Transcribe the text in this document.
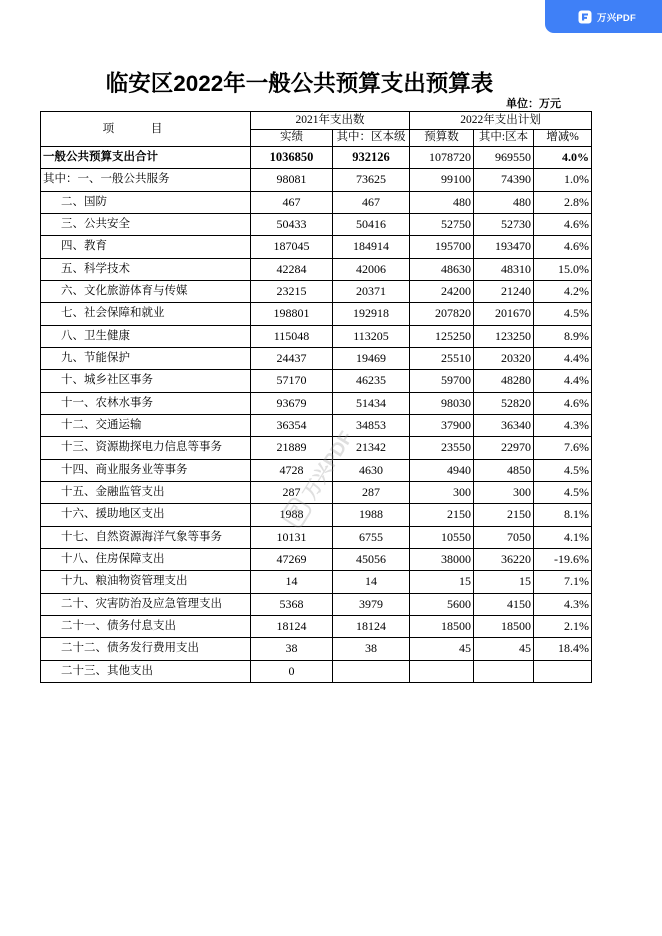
万兴PDF
临安区2022年一般公共预算支出预算表
单位：万元
项 目	2021年支出数		2022年支出计划		
	实绩	其中：区本级	预算数	其中:区本	增减%
一般公共预算支出合计	1036850	932126	1078720	969550	4.0%
其中：一、一般公共服务	98081	73625	99100	74390	1.0%
二、国防	467	467	480	480	2.8%
三、公共安全	50433	50416	52750	52730	4.6%
四、教育	187045	184914	195700	193470	4.6%
五、科学技术	42284	42006	48630	48310	15.0%
六、文化旅游体育与传媒	23215	20371	24200	21240	4.2%
七、社会保障和就业	198801	192918	207820	201670	4.5%
八、卫生健康	115048	113205	125250	123250	8.9%
九、节能保护	24437	19469	25510	20320	4.4%
十、城乡社区事务	57170	46235	59700	48280	4.4%
十一、农林水事务	93679	51434	98030	52820	4.6%
十二、交通运输	36354	34853	37900	36340	4.3%
十三、资源勘探电力信息等事务	21889	21342	23550	22970	7.6%
十四、商业服务业等事务	4728	4630	4940	4850	4.5%
十五、金融监管支出	287	287	300	300	4.5%
十六、援助地区支出	1988	1988	2150	2150	8.1%
十七、自然资源海洋气象等事务	10131	6755	10550	7050	4.1%
十八、住房保障支出	47269	45056	38000	36220	-19.6%
十九、粮油物资管理支出	14	14	15	15	7.1%
二十、灾害防治及应急管理支出	5368	3979	5600	4150	4.3%
二十一、债务付息支出	18124	18124	18500	18500	2.1%
二十二、债务发行费用支出	38	38	45	45	18.4%
二十三、其他支出	0				
万兴PDF
